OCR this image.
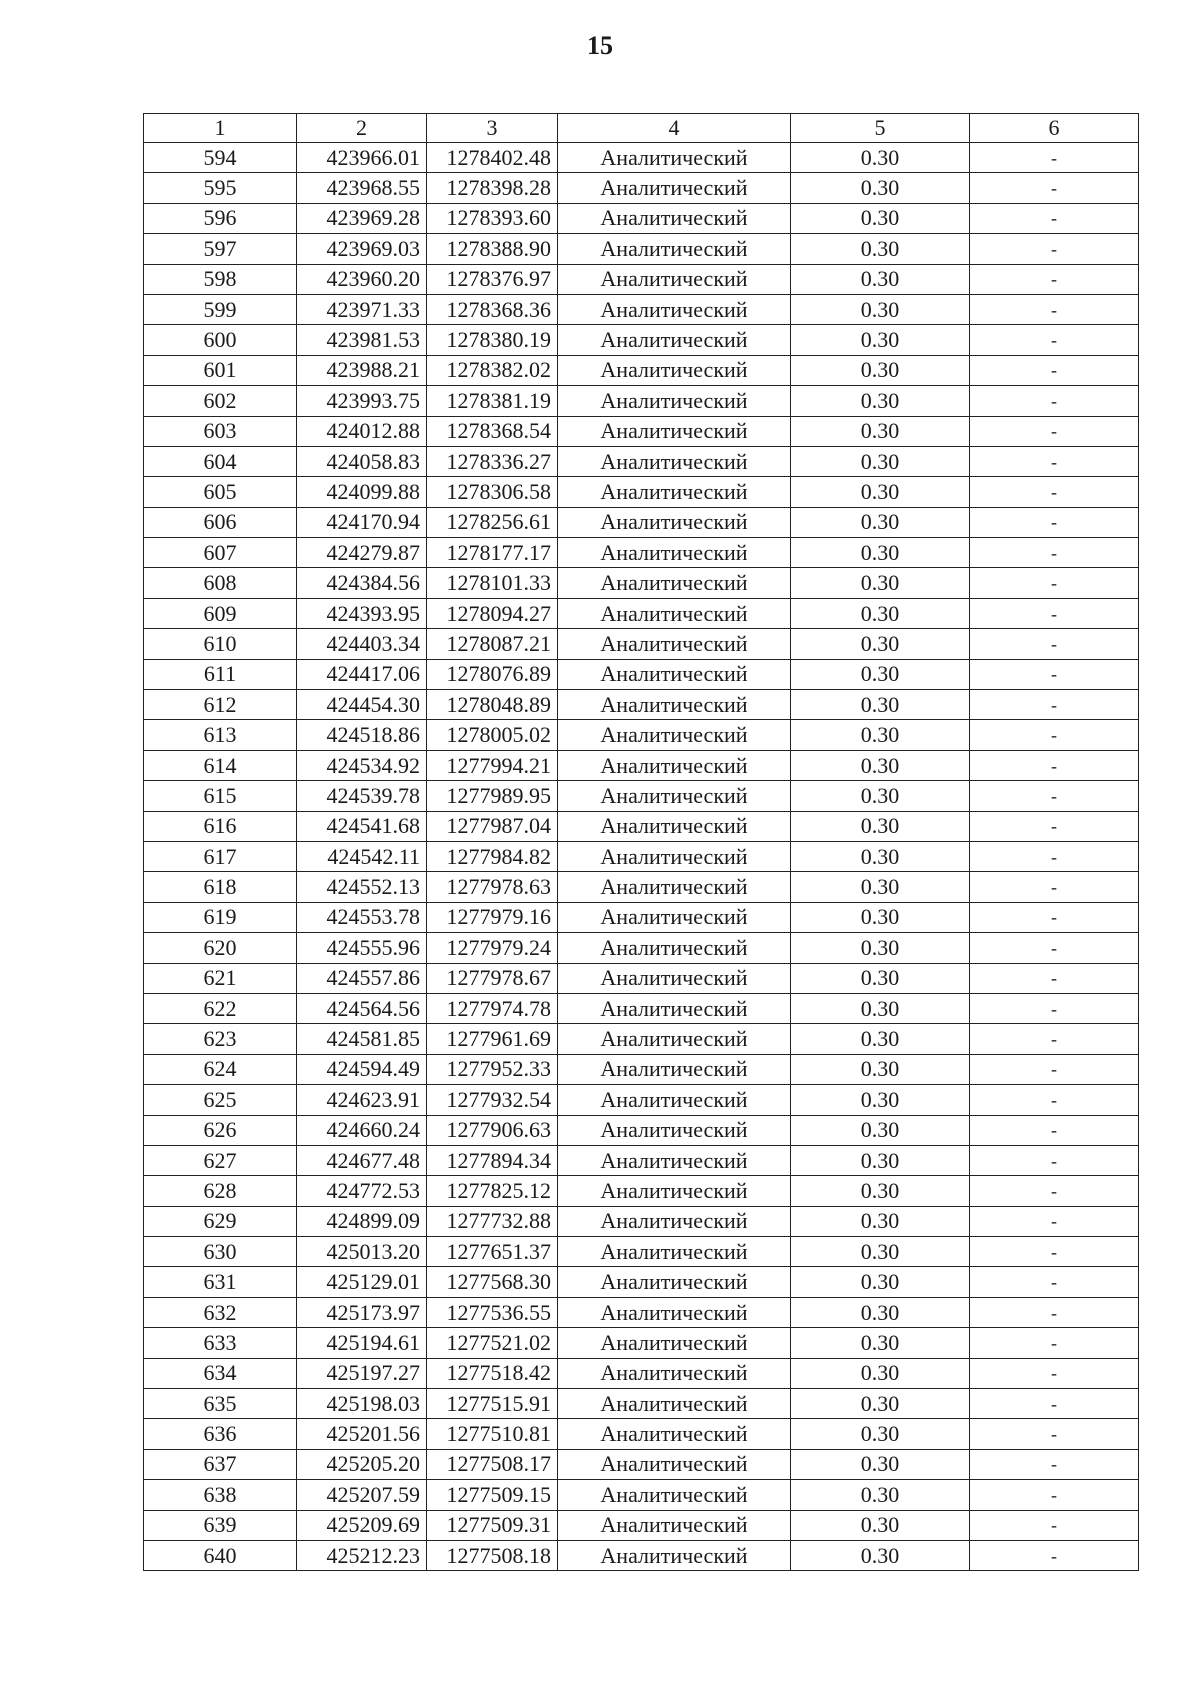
15
1	2	3	4	5	6
594	423966.01	1278402.48	Аналитический	0.30	-
595	423968.55	1278398.28	Аналитический	0.30	-
596	423969.28	1278393.60	Аналитический	0.30	-
597	423969.03	1278388.90	Аналитический	0.30	-
598	423960.20	1278376.97	Аналитический	0.30	-
599	423971.33	1278368.36	Аналитический	0.30	-
600	423981.53	1278380.19	Аналитический	0.30	-
601	423988.21	1278382.02	Аналитический	0.30	-
602	423993.75	1278381.19	Аналитический	0.30	-
603	424012.88	1278368.54	Аналитический	0.30	-
604	424058.83	1278336.27	Аналитический	0.30	-
605	424099.88	1278306.58	Аналитический	0.30	-
606	424170.94	1278256.61	Аналитический	0.30	-
607	424279.87	1278177.17	Аналитический	0.30	-
608	424384.56	1278101.33	Аналитический	0.30	-
609	424393.95	1278094.27	Аналитический	0.30	-
610	424403.34	1278087.21	Аналитический	0.30	-
611	424417.06	1278076.89	Аналитический	0.30	-
612	424454.30	1278048.89	Аналитический	0.30	-
613	424518.86	1278005.02	Аналитический	0.30	-
614	424534.92	1277994.21	Аналитический	0.30	-
615	424539.78	1277989.95	Аналитический	0.30	-
616	424541.68	1277987.04	Аналитический	0.30	-
617	424542.11	1277984.82	Аналитический	0.30	-
618	424552.13	1277978.63	Аналитический	0.30	-
619	424553.78	1277979.16	Аналитический	0.30	-
620	424555.96	1277979.24	Аналитический	0.30	-
621	424557.86	1277978.67	Аналитический	0.30	-
622	424564.56	1277974.78	Аналитический	0.30	-
623	424581.85	1277961.69	Аналитический	0.30	-
624	424594.49	1277952.33	Аналитический	0.30	-
625	424623.91	1277932.54	Аналитический	0.30	-
626	424660.24	1277906.63	Аналитический	0.30	-
627	424677.48	1277894.34	Аналитический	0.30	-
628	424772.53	1277825.12	Аналитический	0.30	-
629	424899.09	1277732.88	Аналитический	0.30	-
630	425013.20	1277651.37	Аналитический	0.30	-
631	425129.01	1277568.30	Аналитический	0.30	-
632	425173.97	1277536.55	Аналитический	0.30	-
633	425194.61	1277521.02	Аналитический	0.30	-
634	425197.27	1277518.42	Аналитический	0.30	-
635	425198.03	1277515.91	Аналитический	0.30	-
636	425201.56	1277510.81	Аналитический	0.30	-
637	425205.20	1277508.17	Аналитический	0.30	-
638	425207.59	1277509.15	Аналитический	0.30	-
639	425209.69	1277509.31	Аналитический	0.30	-
640	425212.23	1277508.18	Аналитический	0.30	-
